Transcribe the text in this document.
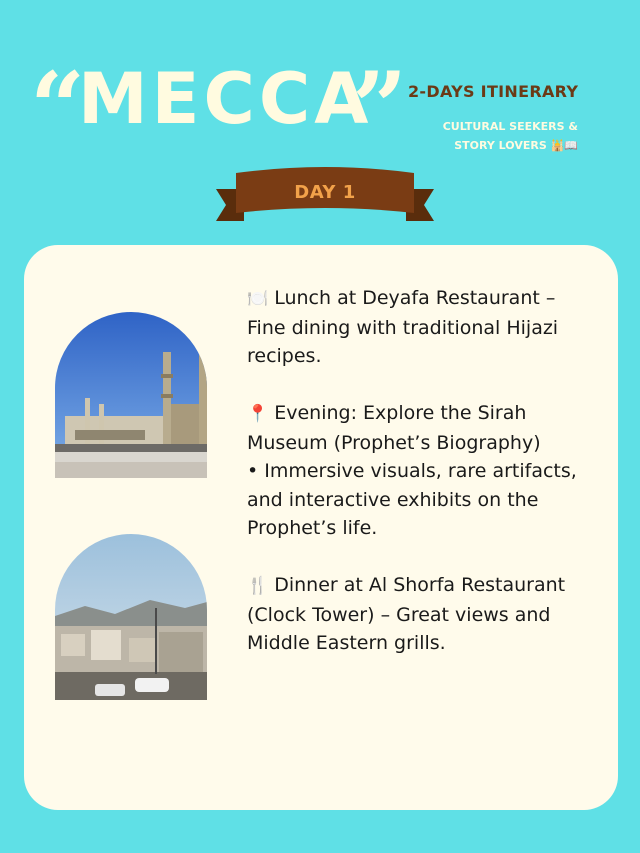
“
MECCA
” 2-DAYS ITINERARY
CULTURAL SEEKERS &
STORY LOVERS 🕌📖
DAY 1

🍽️ Lunch at Deyafa Restaurant – Fine dining with traditional Hijazi recipes.

📍 Evening: Explore the Sirah Museum (Prophet’s Biography)

• Immersive visuals, rare artifacts, and interactive exhibits on the Prophet’s life.

🍴 Dinner at Al Shorfa Restaurant (Clock Tower) – Great views and Middle Eastern grills.
